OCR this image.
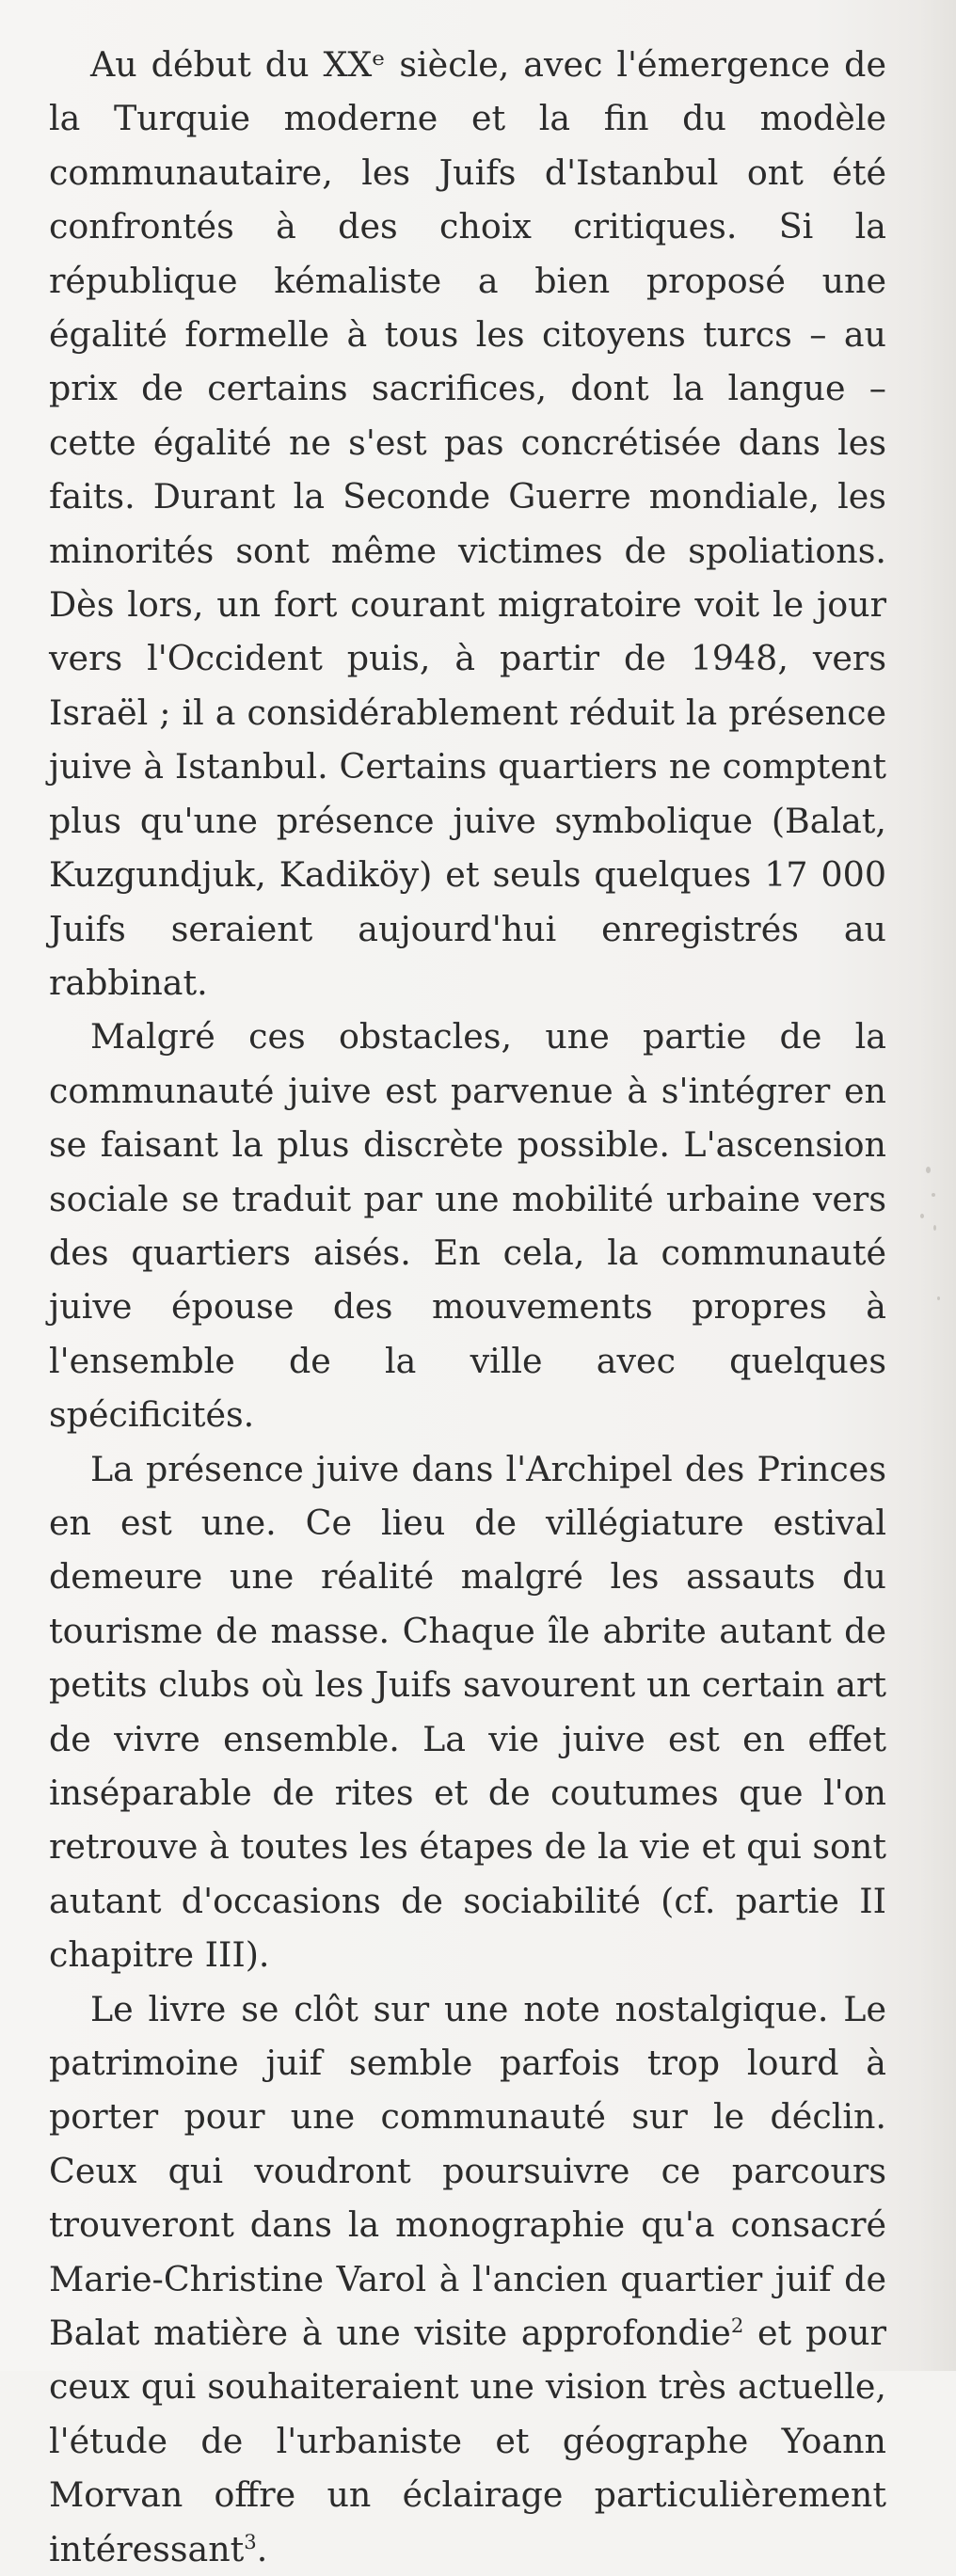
Au début du XXᵉ siècle, avec l'émergence de la Turquie moderne et la fin du modèle communautaire, les Juifs d'Istanbul ont été confrontés à des choix critiques. Si la république kémaliste a bien proposé une égalité formelle à tous les citoyens turcs – au prix de certains sacrifices, dont la langue – cette égalité ne s'est pas concrétisée dans les faits. Durant la Seconde Guerre mondiale, les minorités sont même victimes de spoliations. Dès lors, un fort courant migratoire voit le jour vers l'Occident puis, à partir de 1948, vers Israël ; il a considérablement réduit la présence juive à Istanbul. Certains quartiers ne comptent plus qu'une présence juive symbolique (Balat, Kuzgundjuk, Kadiköy) et seuls quelques 17 000 Juifs seraient aujourd'hui enregistrés au rabbinat.

Malgré ces obstacles, une partie de la communauté juive est parvenue à s'intégrer en se faisant la plus discrète possible. L'ascension sociale se traduit par une mobilité urbaine vers des quartiers aisés. En cela, la communauté juive épouse des mouvements propres à l'ensemble de la ville avec quelques spécificités.

La présence juive dans l'Archipel des Princes en est une. Ce lieu de villégiature estival demeure une réalité malgré les assauts du tourisme de masse. Chaque île abrite autant de petits clubs où les Juifs savourent un certain art de vivre ensemble. La vie juive est en effet inséparable de rites et de coutumes que l'on retrouve à toutes les étapes de la vie et qui sont autant d'occasions de sociabilité (cf. partie II chapitre III).

Le livre se clôt sur une note nostalgique. Le patrimoine juif semble parfois trop lourd à porter pour une communauté sur le déclin. Ceux qui voudront poursuivre ce parcours trouveront dans la monographie qu'a consacré Marie-Christine Varol à l'ancien quartier juif de Balat matière à une visite approfondie$^2$ et pour ceux qui souhaiteraient une vision très actuelle, l'étude de l'urbaniste et géographe Yoann Morvan offre un éclairage particulièrement intéressant$^3$.
